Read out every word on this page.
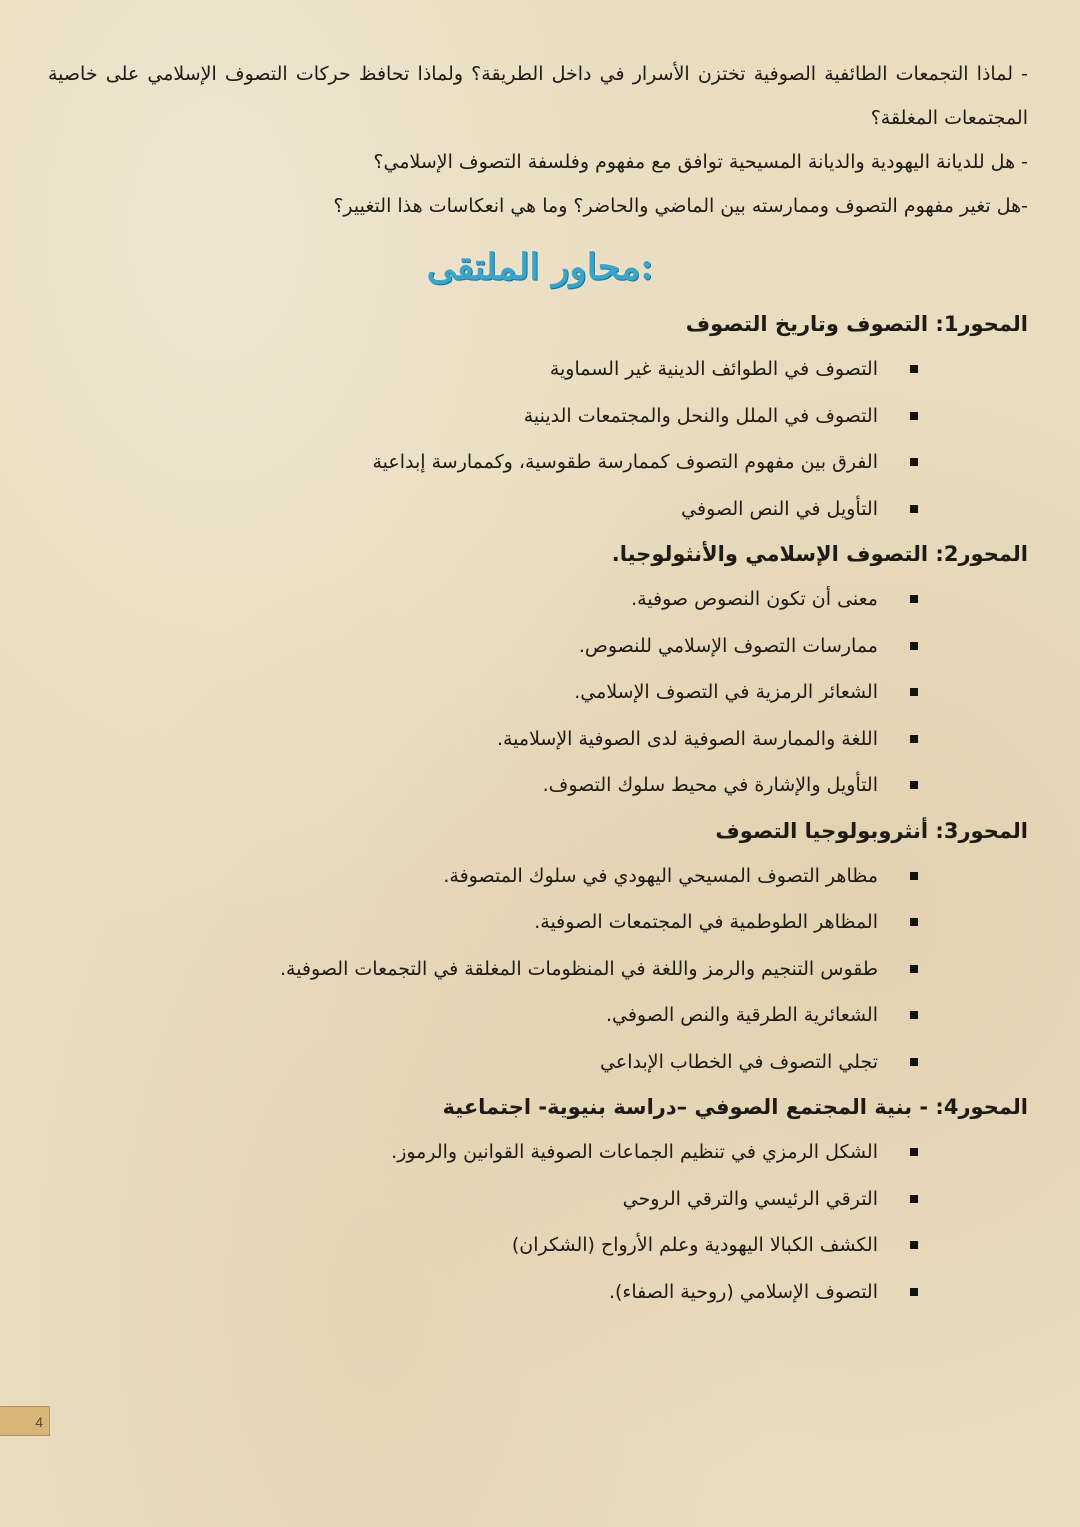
- لماذا التجمعات الطائفية الصوفية تختزن الأسرار في داخل الطريقة؟ ولماذا تحافظ حركات التصوف الإسلامي على خاصية المجتمعات المغلقة؟

- هل للديانة اليهودية والديانة المسيحية توافق مع مفهوم وفلسفة التصوف الإسلامي؟

-هل تغير مفهوم التصوف وممارسته بين الماضي والحاضر؟ وما هي انعكاسات هذا التغيير؟

محاور الملتقى:
المحور1: التصوف وتاريخ التصوف
التصوف في الطوائف الدينية غير السماوية
التصوف في الملل والنحل والمجتمعات الدينية
الفرق بين مفهوم التصوف كممارسة طقوسية، وكممارسة إبداعية
التأويل في النص الصوفي
المحور2: التصوف الإسلامي والأنثولوجيا.
معنى أن تكون النصوص صوفية.
ممارسات التصوف الإسلامي للنصوص.
الشعائر الرمزية في التصوف الإسلامي.
اللغة والممارسة الصوفية لدى الصوفية الإسلامية.
التأويل والإشارة في محيط سلوك التصوف.
المحور3: أنثروبولوجيا التصوف
مظاهر التصوف المسيحي اليهودي في سلوك المتصوفة.
المظاهر الطوطمية في المجتمعات الصوفية.
طقوس التنجيم والرمز واللغة في المنظومات المغلقة في التجمعات الصوفية.
الشعائرية الطرقية والنص الصوفي.
تجلي التصوف في الخطاب الإبداعي
المحور4: - بنية المجتمع الصوفي –دراسة بنيوية- اجتماعية
الشكل الرمزي في تنظيم الجماعات الصوفية القوانين والرموز.
الترقي الرئيسي والترقي الروحي
الكشف الكبالا اليهودية وعلم الأرواح (الشكران)
التصوف الإسلامي (روحية الصفاء).
4
